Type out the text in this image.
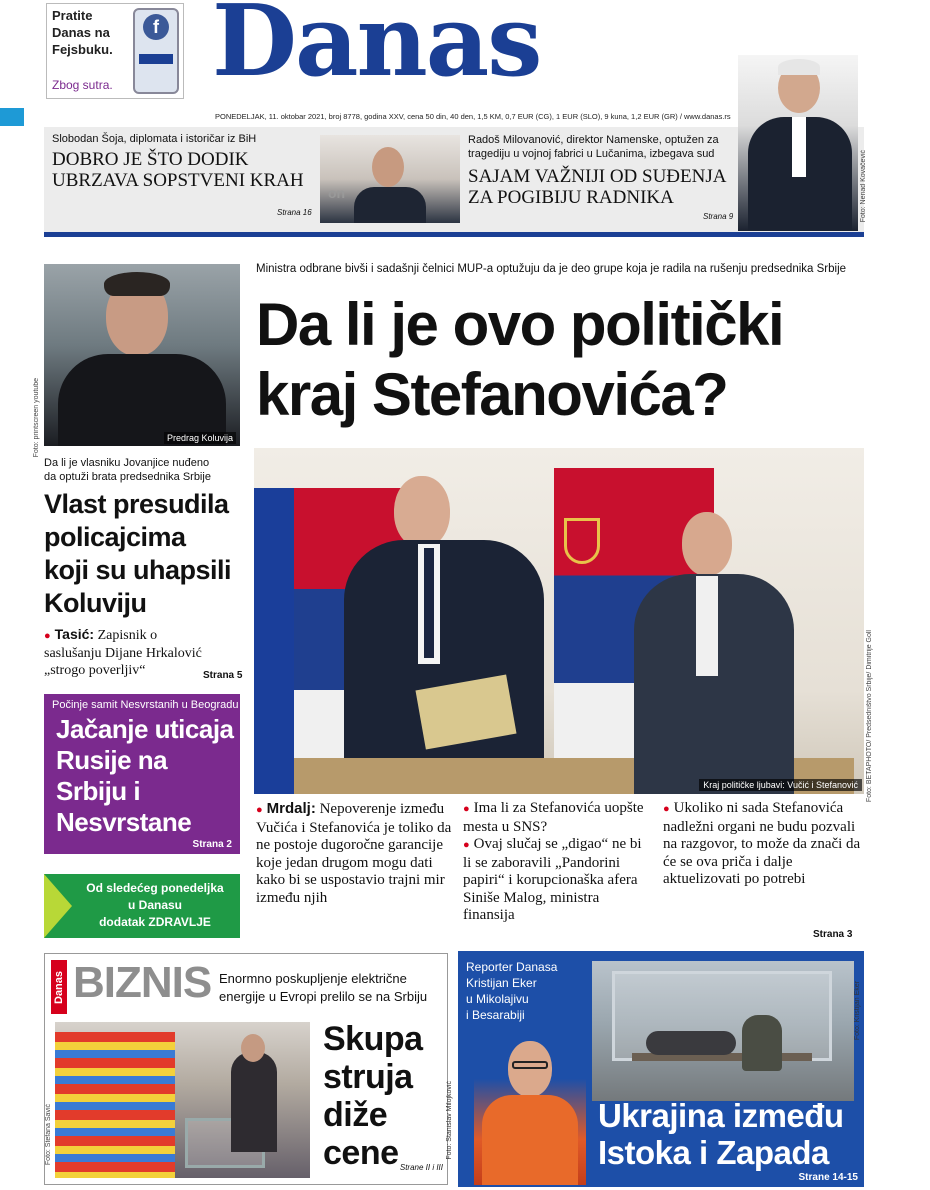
Pratite
Danas na
Fejsbuku.
Zbog sutra.
f Danas
PONEDELJAK, 11. oktobar 2021, broj 8778, godina XXV, cena 50 din, 40 den, 1,5 KM, 0,7 EUR (CG), 1 EUR (SLO), 9 kuna, 1,2 EUR (GR) / www.danas.rs
Slobodan Šoja, diplomata i istoričar iz BiH
DOBRO JE ŠTO DODIK
UBRZAVA SOPSTVENI KRAH
Strana 16
on
Radoš Milovanović, direktor Namenske, optužen za
tragediju u vojnoj fabrici u Lučanima, izbegava sud
SAJAM VAŽNIJI OD SUĐENJA
ZA POGIBIJU RADNIKA
Strana 9	Foto: Nenad Kovačević
Predrag Koluvija
Foto: printscreen youtube
Da li je vlasniku Jovanjice nuđeno
da optuži brata predsednika Srbije
Vlast presudila
policajcima
koji su uhapsili
Koluviju
● Tasić: Zapisnik o saslušanju Dijane Hrkalović „strogo poverljiv“	Strana 5
Počinje samit Nesvrstanih u Beogradu
Jačanje uticaja
Rusije na
Srbiju i
Nesvrstane
Strana 2
Od sledećeg ponedeljka
u Danasu
dodatak ZDRAVLJE
Ministra odbrane bivši i sadašnji čelnici MUP-a optužuju da je deo grupe koja je radila na rušenju predsednika Srbije
Da li je ovo politički
kraj Stefanovića?
Kraj političke ljubavi: Vučić i Stefanović	Foto: BETAPHOTO/ Predsedništvo Srbije/ Dimitrije Goll
● Mrdalj: Nepoverenje između Vučića i Stefanovića je toliko da ne postoje dugoročne garancije koje jedan drugom mogu dati kako bi se uspostavio trajni mir između njih
● Ima li za Stefanovića uopšte mesta u SNS?
● Ovaj slučaj se „digao“ ne bi li se zaboravili „Pandorini papiri“ i korupcionaška afera Siniše Malog, ministra finansija
● Ukoliko ni sada Stefanovića nadležni organi ne budu pozvali na razgovor, to može da znači da će se ova priča i dalje aktuelizovati po potrebi
Strana 3
Danas BIZNIS Enormno poskupljenje električne
energije u Evropi prelilo se na Srbiju
Foto: Stefana Savić
Skupa
struja
diže
cene Strane II i III
Reporter Danasa
Kristijan Eker
u Mikolajivu
i Besarabiji
Foto: Stanislav Milojković
Foto: Kristijan Eker
Ukrajina između
Istoka i Zapada
Strane 14-15
